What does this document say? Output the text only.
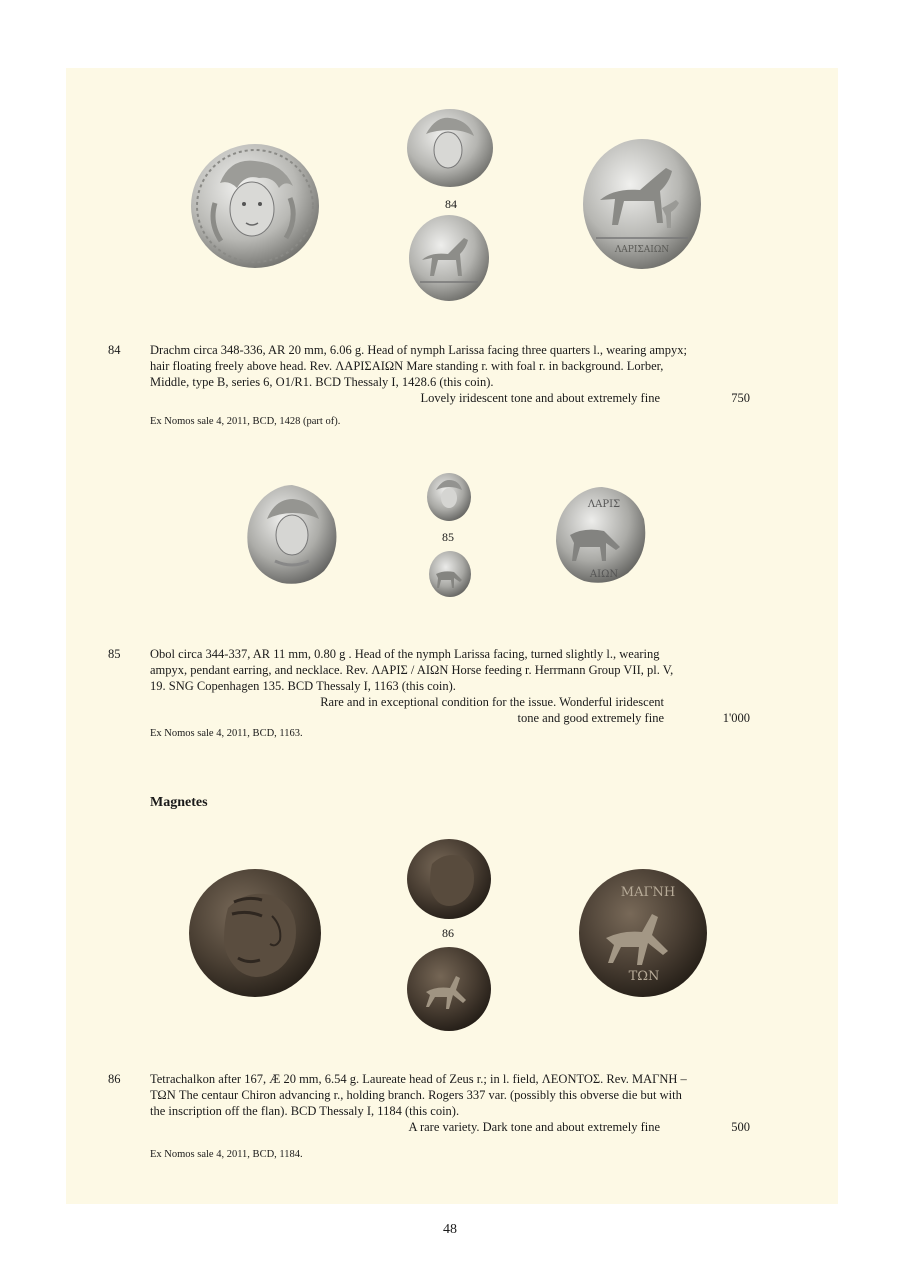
84
ΛΑΡΙΣΑΙΩΝ
84 Drachm circa 348-336, AR 20 mm, 6.06 g. Head of nymph Larissa facing three quarters l., wearing ampyx;
hair floating freely above head. Rev. ΛΑΡΙΣΑΙΩΝ Mare standing r. with foal r. in background. Lorber,
Middle, type B, series 6, O1/R1. BCD Thessaly I, 1428.6 (this coin).
Lovely iridescent tone and about extremely fine	750
Ex Nomos sale 4, 2011, BCD, 1428 (part of).
85
ΛΑΡΙΣ
ΑΙΩΝ
85 Obol circa 344-337, AR 11 mm, 0.80 g . Head of the nymph Larissa facing, turned slightly l., wearing
ampyx, pendant earring, and necklace. Rev. ΛΑΡΙΣ / ΑΙΩΝ Horse feeding r. Herrmann Group VII, pl. V,
19. SNG Copenhagen 135. BCD Thessaly I, 1163 (this coin).
Rare and in exceptional condition for the issue. Wonderful iridescent
tone and good extremely fine	1'000
Ex Nomos sale 4, 2011, BCD, 1163.
Magnetes
86
ΜΑΓΝΗ
ΤΩΝ
86 Tetrachalkon after 167, Æ 20 mm, 6.54 g. Laureate head of Zeus r.; in l. field, ΛΕΟΝΤΟΣ. Rev. ΜΑΓΝΗ –
ΤΩΝ The centaur Chiron advancing r., holding branch. Rogers 337 var. (possibly this obverse die but with
the inscription off the flan). BCD Thessaly I, 1184 (this coin).
A rare variety. Dark tone and about extremely fine	500
Ex Nomos sale 4, 2011, BCD, 1184.
48
